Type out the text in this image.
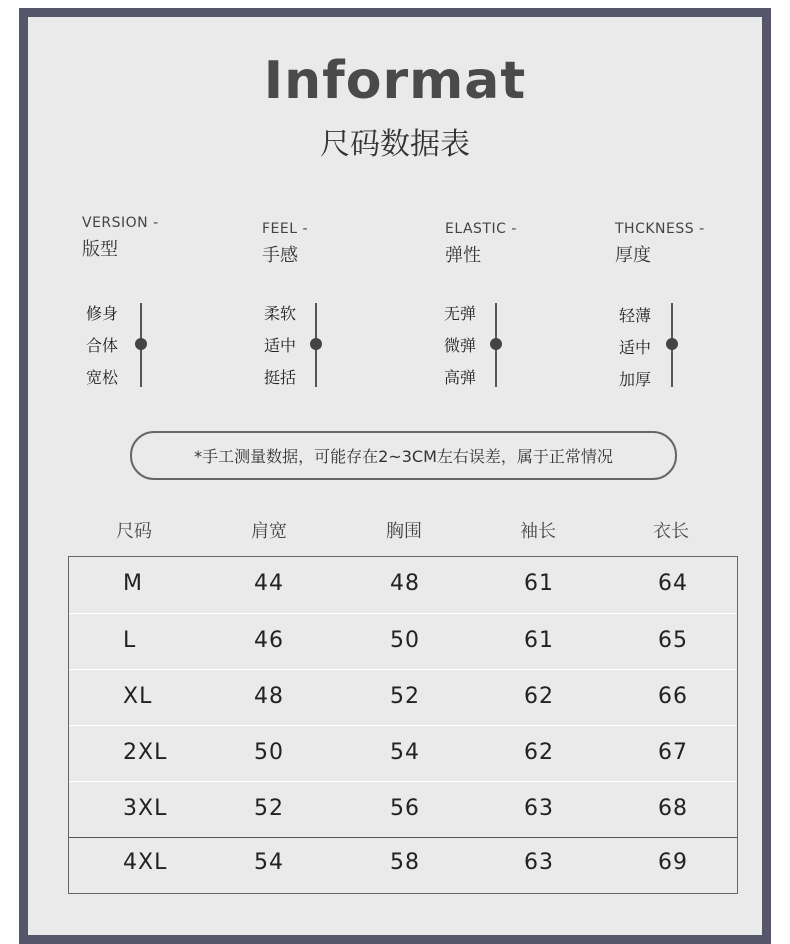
Informat
尺码数据表
VERSION -
版型
FEEL -
手感
ELASTIC -
弹性
THCKNESS -
厚度
修身
合体
宽松
柔软
适中
挺括
无弹
微弹
高弹
轻薄
适中
加厚
*手工测量数据，可能存在2~3CM左右误差，属于正常情况
尺码	肩宽	胸围	袖长	衣长
M	44	48	61	64
L	46	50	61	65
XL	48	52	62	66
2XL	50	54	62	67
3XL	52	56	63	68
4XL	54	58	63	69
